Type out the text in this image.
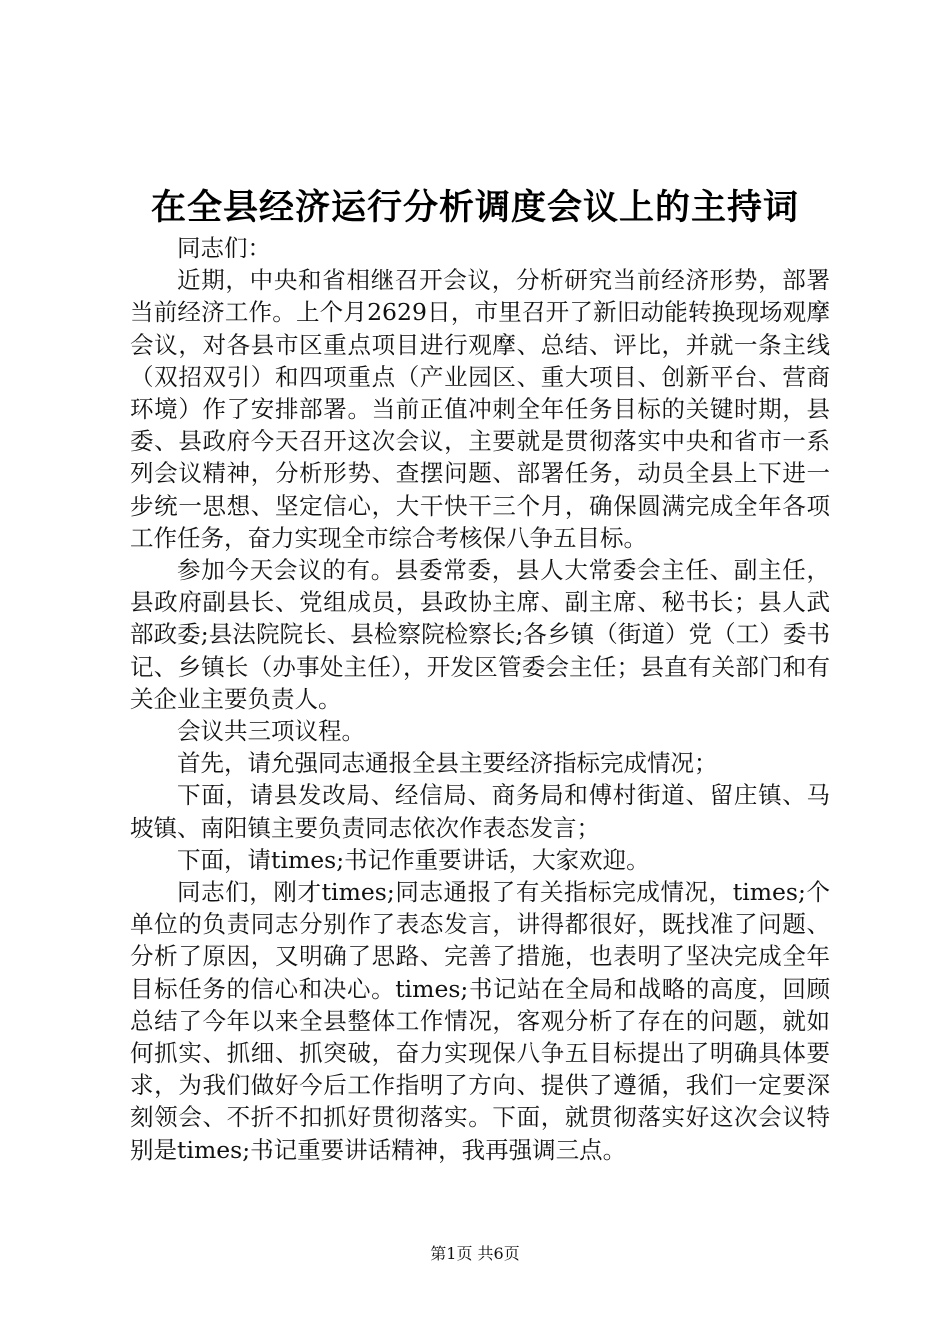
在全县经济运行分析调度会议上的主持词

同志们：

近期，中央和省相继召开会议，分析研究当前经济形势，部署当前经济工作。上个月2629日，市里召开了新旧动能转换现场观摩会议，对各县市区重点项目进行观摩、总结、评比，并就一条主线（双招双引）和四项重点（产业园区、重大项目、创新平台、营商环境）作了安排部署。当前正值冲刺全年任务目标的关键时期，县委、县政府今天召开这次会议，主要就是贯彻落实中央和省市一系列会议精神，分析形势、查摆问题、部署任务，动员全县上下进一步统一思想、坚定信心，大干快干三个月，确保圆满完成全年各项工作任务，奋力实现全市综合考核保八争五目标。

参加今天会议的有。县委常委，县人大常委会主任、副主任，县政府副县长、党组成员，县政协主席、副主席、秘书长；县人武部政委;县法院院长、县检察院检察长;各乡镇（街道）党（工）委书记、乡镇长（办事处主任），开发区管委会主任；县直有关部门和有关企业主要负责人。

会议共三项议程。

首先，请允强同志通报全县主要经济指标完成情况；

下面，请县发改局、经信局、商务局和傅村街道、留庄镇、马坡镇、南阳镇主要负责同志依次作表态发言；

下面，请times;书记作重要讲话，大家欢迎。

同志们，刚才times;同志通报了有关指标完成情况，times;个单位的负责同志分别作了表态发言，讲得都很好，既找准了问题、分析了原因，又明确了思路、完善了措施，也表明了坚决完成全年目标任务的信心和决心。times;书记站在全局和战略的高度，回顾总结了今年以来全县整体工作情况，客观分析了存在的问题，就如何抓实、抓细、抓突破，奋力实现保八争五目标提出了明确具体要求，为我们做好今后工作指明了方向、提供了遵循，我们一定要深刻领会、不折不扣抓好贯彻落实。下面，就贯彻落实好这次会议特别是times;书记重要讲话精神，我再强调三点。

第1页 共6页
